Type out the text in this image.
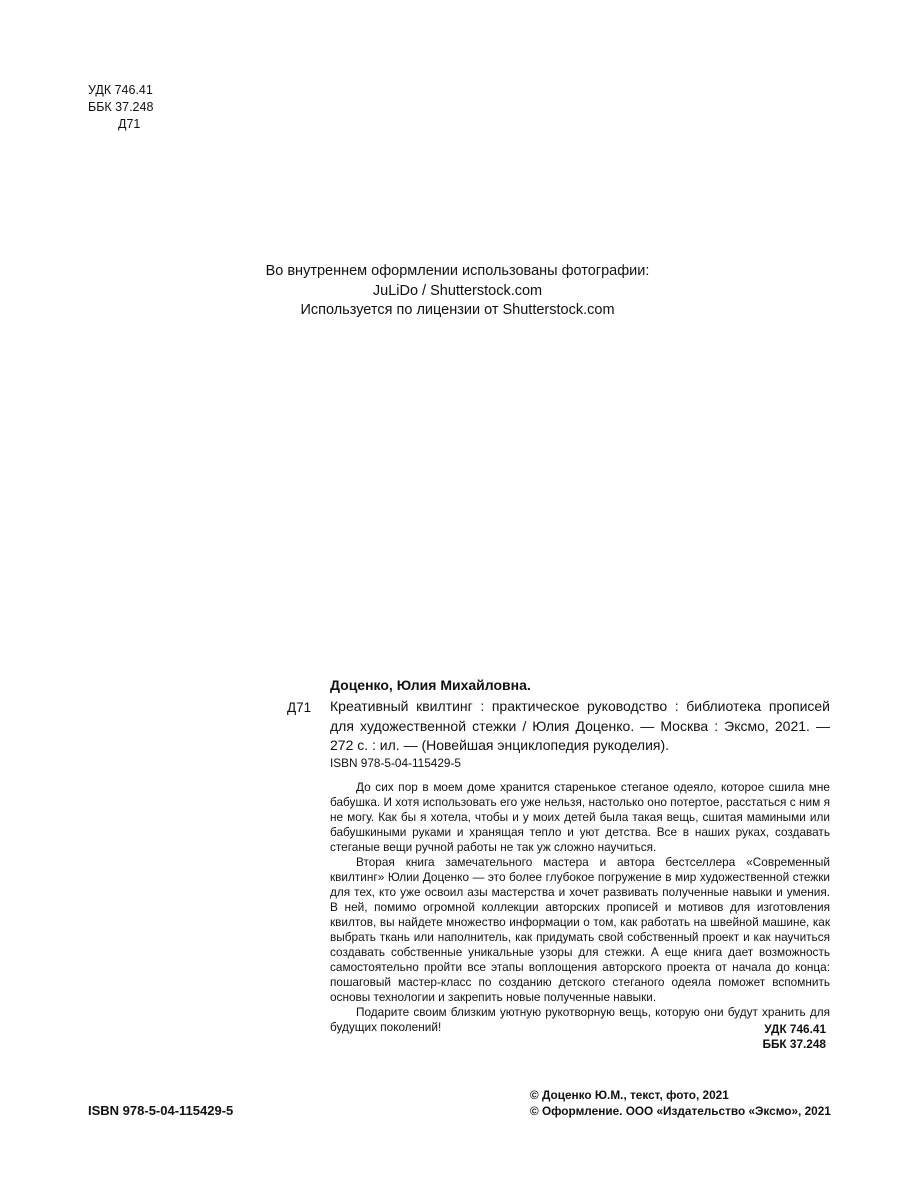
УДК 746.41
ББК 37.248
Д71
Во внутреннем оформлении использованы фотографии:
JuLiDo / Shutterstock.com
Используется по лицензии от Shutterstock.com
Доценко, Юлия Михайловна.
Д71 Креативный квилтинг : практическое руководство : библиотека прописей для художественной стежки / Юлия Доценко. — Москва : Эксмо, 2021. — 272 с. : ил. — (Новейшая энциклопедия рукоделия).
ISBN 978-5-04-115429-5

До сих пор в моем доме хранится старенькое стеганое одеяло, которое сшила мне бабушка. И хотя использовать его уже нельзя, настолько оно потертое, расстаться с ним я не могу. Как бы я хотела, чтобы и у моих детей была такая вещь, сшитая мамиными или бабушкиными руками и хранящая тепло и уют детства. Все в наших руках, создавать стеганые вещи ручной работы не так уж сложно научиться.

Вторая книга замечательного мастера и автора бестселлера «Современный квилтинг» Юлии Доценко — это более глубокое погружение в мир художественной стежки для тех, кто уже освоил азы мастерства и хочет развивать полученные навыки и умения. В ней, помимо огромной коллекции авторских прописей и мотивов для изготовления квилтов, вы найдете множество информации о том, как работать на швейной машине, как выбрать ткань или наполнитель, как придумать свой собственный проект и как научиться создавать собственные уникальные узоры для стежки. А еще книга дает возможность самостоятельно пройти все этапы воплощения авторского проекта от начала до конца: пошаговый мастер-класс по созданию детского стеганого одеяла поможет вспомнить основы технологии и закрепить новые полученные навыки.

Подарите своим близким уютную рукотворную вещь, которую они будут хранить для будущих поколений!	УДК 746.41
ББК 37.248
ISBN 978-5-04-115429-5
© Доценко Ю.М., текст, фото, 2021
© Оформление. ООО «Издательство «Эксмо», 2021
